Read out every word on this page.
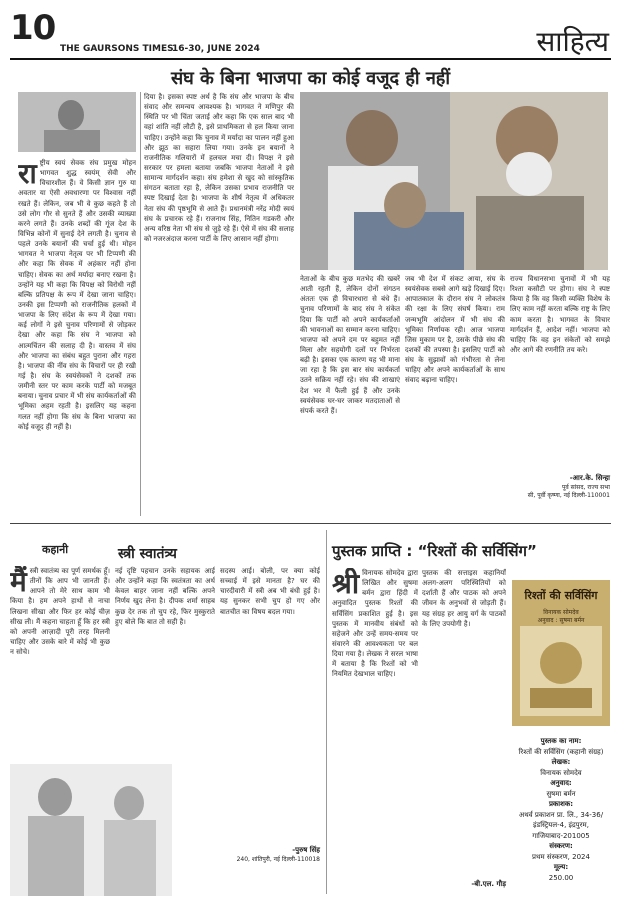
10
THE GAURSONS TIMES
16-30, JUNE 2024	साहित्य
संघ के बिना भाजपा का कोई वजूद ही नहीं
राष्ट्रीय स्वयं सेवक संघ प्रमुख मोहन भागवत शुद्ध स्वयंम् सेवी और विचारशील हैं। वे किसी ज्ञान गुरु या अवतार या ऐसी अवधारणा पर विश्वास नहीं रखते हैं। लेकिन, जब भी वे कुछ कहते हैं तो उसे लोग गौर से सुनते हैं और उसकी व्याख्या करने लगते हैं। उनके शब्दों की गूंज देश के विभिन्न कोनों में सुनाई देने लगती है। चुनाव से पहले उनके बयानों की चर्चा हुई थी। मोहन भागवत ने भाजपा नेतृत्व पर भी टिप्पणी की और कहा कि सेवक में अहंकार नहीं होना चाहिए। सेवक का अर्थ मर्यादा बनाए रखना है। उन्होंने यह भी कहा कि विपक्ष को विरोधी नहीं बल्कि प्रतिपक्ष के रूप में देखा जाना चाहिए। उनकी इस टिप्पणी को राजनीतिक हलकों में भाजपा के लिए संदेश के रूप में देखा गया। कई लोगों ने इसे चुनाव परिणामों से जोड़कर देखा और कहा कि संघ ने भाजपा को आत्मचिंतन की सलाह दी है। वास्तव में संघ और भाजपा का संबंध बहुत पुराना और गहरा है। भाजपा की नींव संघ के विचारों पर ही रखी गई है। संघ के स्वयंसेवकों ने दशकों तक जमीनी स्तर पर काम करके पार्टी को मजबूत बनाया। चुनाव प्रचार में भी संघ कार्यकर्ताओं की भूमिका अहम रहती है। इसलिए यह कहना गलत नहीं होगा कि संघ के बिना भाजपा का कोई वजूद ही नहीं है।
दिया है। इसका स्पष्ट अर्थ है कि संघ और भाजपा के बीच संवाद और समन्वय आवश्यक है। भागवत ने मणिपुर की स्थिति पर भी चिंता जताई और कहा कि एक साल बाद भी वहां शांति नहीं लौटी है, इसे प्राथमिकता से हल किया जाना चाहिए। उन्होंने कहा कि चुनाव में मर्यादा का पालन नहीं हुआ और झूठ का सहारा लिया गया। उनके इन बयानों ने राजनीतिक गलियारों में हलचल मचा दी। विपक्ष ने इसे सरकार पर हमला बताया जबकि भाजपा नेताओं ने इसे सामान्य मार्गदर्शन कहा। संघ हमेशा से खुद को सांस्कृतिक संगठन बताता रहा है, लेकिन उसका प्रभाव राजनीति पर स्पष्ट दिखाई देता है। भाजपा के शीर्ष नेतृत्व में अधिकतर नेता संघ की पृष्ठभूमि से आते हैं। प्रधानमंत्री नरेंद्र मोदी स्वयं संघ के प्रचारक रहे हैं। राजनाथ सिंह, नितिन गडकरी और अन्य वरिष्ठ नेता भी संघ से जुड़े रहे हैं। ऐसे में संघ की सलाह को नजरअंदाज करना पार्टी के लिए आसान नहीं होगा।
नेताओं के बीच कुछ मतभेद की खबरें आती रहती हैं, लेकिन दोनों संगठन अंततः एक ही विचारधारा से बंधे हैं। चुनाव परिणामों के बाद संघ ने संकेत दिया कि पार्टी को अपने कार्यकर्ताओं की भावनाओं का सम्मान करना चाहिए। भाजपा को अपने दम पर बहुमत नहीं मिला और सहयोगी दलों पर निर्भरता बढ़ी है। इसका एक कारण यह भी माना जा रहा है कि इस बार संघ कार्यकर्ता उतने सक्रिय नहीं रहे। संघ की शाखाएं देश भर में फैली हुई हैं और उनके स्वयंसेवक घर-घर जाकर मतदाताओं से संपर्क करते हैं।
जब भी देश में संकट आया, संघ के स्वयंसेवक सबसे आगे खड़े दिखाई दिए। आपातकाल के दौरान संघ ने लोकतंत्र की रक्षा के लिए संघर्ष किया। राम जन्मभूमि आंदोलन में भी संघ की भूमिका निर्णायक रही। आज भाजपा जिस मुकाम पर है, उसके पीछे संघ की दशकों की तपस्या है। इसलिए पार्टी को संघ के सुझावों को गंभीरता से लेना चाहिए और अपने कार्यकर्ताओं के साथ संवाद बढ़ाना चाहिए।
राज्य विधानसभा चुनावों में भी यह रिश्ता कसौटी पर होगा। संघ ने स्पष्ट किया है कि वह किसी व्यक्ति विशेष के लिए काम नहीं करता बल्कि राष्ट्र के लिए काम करता है। भागवत के विचार मार्गदर्शन हैं, आदेश नहीं। भाजपा को चाहिए कि वह इन संकेतों को समझे और आगे की रणनीति तय करे।
-आर.के. सिन्हा
पूर्व सांसद, राज्य सभा
सी, पूर्वी कृष्णा, नई दिल्ली-110001
कहानी	स्त्री स्वातंत्र्य
मैंस्त्री स्वातंत्र्य का पूर्ण समर्थक हूँ। तीनों कि आप भी जानती हैं। आपने तो मेरे साथ काम भी किया है। हम अपने हाथों से नाचा लिखना सीखा और फिर हर कोई चीज़ सीख ली। मैं कहना चाहता हूँ कि हर स्त्री को अपनी आज़ादी पूरी तरह मिलनी चाहिए और उसके बारे में कोई भी कुछ न सोचे।
नई दृष्टि पहचान उनके सहायक आई और उन्होंने कहा कि स्वतंत्रता का अर्थ केवल बाहर जाना नहीं बल्कि अपने निर्णय खुद लेना है। दीपक शर्मा साहब कुछ देर तक तो चुप रहे, फिर मुस्कुराते हुए बोले कि बात तो सही है।
सदस्य आई। बोली, पर क्या कोई सच्चाई में इसे मानता है? घर की चारदीवारी में स्त्री अब भी बंधी हुई है। यह सुनकर सभी चुप हो गए और बातचीत का विषय बदल गया।
-पुरुष सिंह
240, शांतिपुरी, नई दिल्ली-110018
पुस्तक प्राप्ति : “रिश्तों की सर्विसिंग”
श्री विनायक सोमदेव द्वारा लिखित और सुषमा बर्मन द्वारा हिंदी में अनुवादित पुस्तक रिश्तों की सर्विसिंग प्रकाशित हुई है। इस पुस्तक में मानवीय संबंधों को सहेजने और उन्हें समय-समय पर संवारने की आवश्यकता पर बल दिया गया है। लेखक ने सरल भाषा में बताया है कि रिश्तों को भी नियमित देखभाल चाहिए।
पुस्तक की सत्ताइस कहानियाँ अलग-अलग परिस्थितियों को दर्शाती हैं और पाठक को अपने जीवन के अनुभवों से जोड़ती हैं। यह संग्रह हर आयु वर्ग के पाठकों के लिए उपयोगी है।
-बी.एल. गौड़
रिश्तों की सर्विसिंग
विनायक सोमदेव
अनुवाद : सुषमा बर्मन
पुस्तक का नाम:
रिश्तों की सर्विसिंग (कहानी संग्रह)
लेखक:
विनायक सोमदेव
अनुवाद:
सुषमा बर्मन
प्रकाशक:
अथर्व प्रकाशन प्रा. लि., 34-36/इंडस्ट्रियल-4, इंद्रपुरम, गाजियाबाद-201005
संस्करण:
प्रथम संस्करण, 2024
मूल्य:
250.00
